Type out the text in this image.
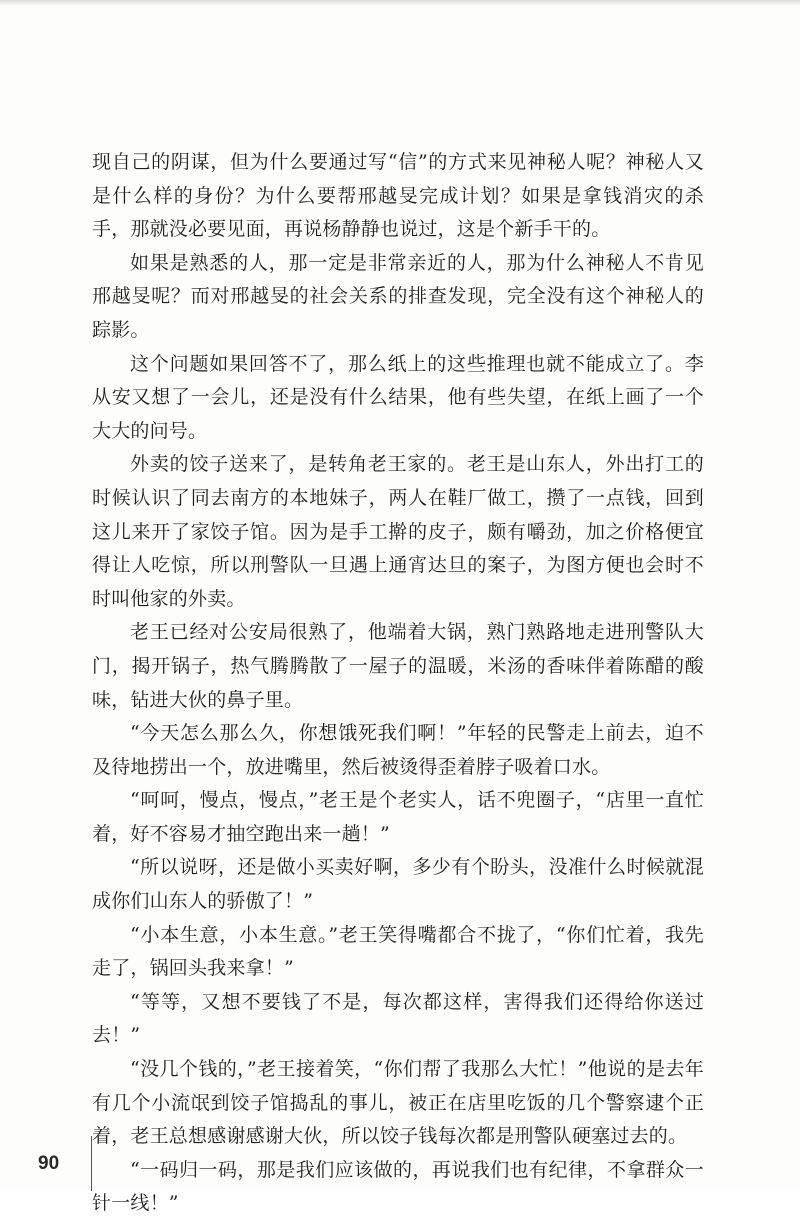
现自己的阴谋，但为什么要通过写“信”的方式来见神秘人呢？神秘人又是什么样的身份？为什么要帮邢越旻完成计划？如果是拿钱消灾的杀手，那就没必要见面，再说杨静静也说过，这是个新手干的。

如果是熟悉的人，那一定是非常亲近的人，那为什么神秘人不肯见邢越旻呢？而对邢越旻的社会关系的排查发现，完全没有这个神秘人的踪影。

这个问题如果回答不了，那么纸上的这些推理也就不能成立了。李从安又想了一会儿，还是没有什么结果，他有些失望，在纸上画了一个大大的问号。

外卖的饺子送来了，是转角老王家的。老王是山东人，外出打工的时候认识了同去南方的本地妹子，两人在鞋厂做工，攒了一点钱，回到这儿来开了家饺子馆。因为是手工擀的皮子，颇有嚼劲，加之价格便宜得让人吃惊，所以刑警队一旦遇上通宵达旦的案子，为图方便也会时不时叫他家的外卖。

老王已经对公安局很熟了，他端着大锅，熟门熟路地走进刑警队大门，揭开锅子，热气腾腾散了一屋子的温暖，米汤的香味伴着陈醋的酸味，钻进大伙的鼻子里。

“今天怎么那么久，你想饿死我们啊！”年轻的民警走上前去，迫不及待地捞出一个，放进嘴里，然后被烫得歪着脖子吸着口水。

“呵呵，慢点，慢点，”老王是个老实人，话不兜圈子，“店里一直忙着，好不容易才抽空跑出来一趟！”

“所以说呀，还是做小买卖好啊，多少有个盼头，没准什么时候就混成你们山东人的骄傲了！”

“小本生意，小本生意。”老王笑得嘴都合不拢了，“你们忙着，我先走了，锅回头我来拿！”

“等等，又想不要钱了不是，每次都这样，害得我们还得给你送过去！”

“没几个钱的，”老王接着笑，“你们帮了我那么大忙！”他说的是去年有几个小流氓到饺子馆捣乱的事儿，被正在店里吃饭的几个警察逮个正着，老王总想感谢感谢大伙，所以饺子钱每次都是刑警队硬塞过去的。

“一码归一码，那是我们应该做的，再说我们也有纪律，不拿群众一针一线！”

90
